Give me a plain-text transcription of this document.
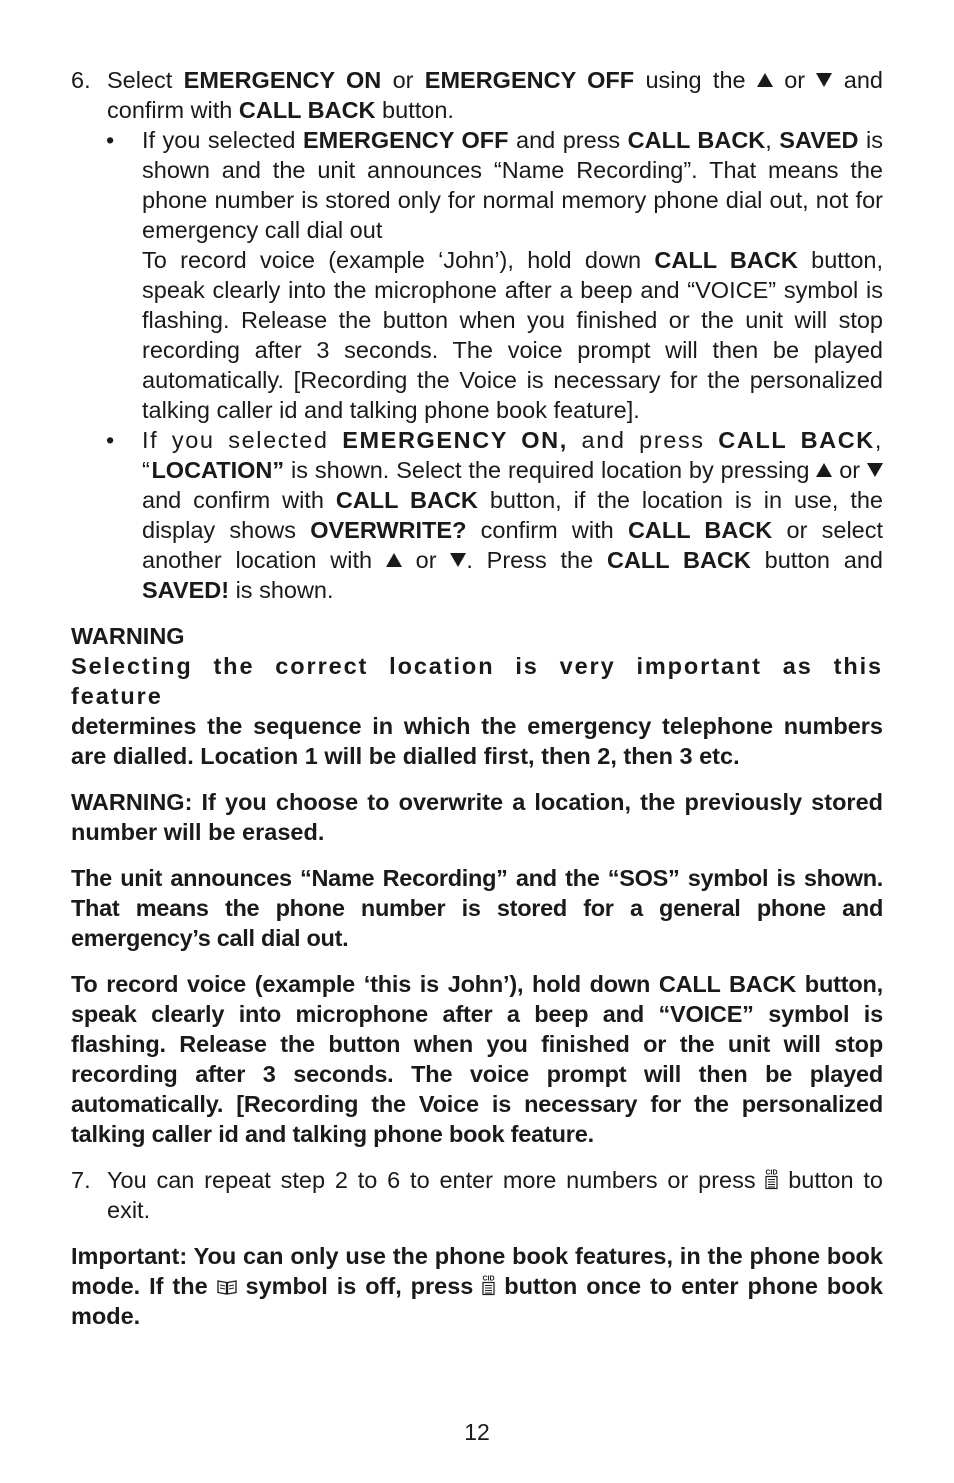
6. Select EMERGENCY ON or EMERGENCY OFF using the  or  and confirm with CALL BACK button.

• If you selected EMERGENCY OFF and press CALL BACK, SAVED is shown and the unit announces “Name Recording”. That means the phone number is stored only for normal memory phone dial out, not for emergency call dial out

To record voice (example ‘John’), hold down CALL BACK button, speak clearly into the microphone after a beep and “VOICE” symbol is flashing. Release the button when you finished or the unit will stop recording after 3 seconds. The voice prompt will then be played automatically. [Recording the Voice is necessary for the personalized talking caller id and talking phone book feature].

• If you selected EMERGENCY ON, and press CALL BACK, “LOCATION” is shown. Select the required location by pressing  or  and confirm with CALL BACK button, if the location is in use, the display shows OVERWRITE? confirm with CALL BACK or select another location with  or . Press the CALL BACK button and SAVED! is shown.

WARNING

Selecting the correct location is very important as this feature

determines the sequence in which the emergency telephone numbers are dialled. Location 1 will be dialled first, then 2, then 3 etc.

WARNING: If you choose to overwrite a location, the previously stored number will be erased.

The unit announces “Name Recording” and the “SOS” symbol is shown. That means the phone number is stored for a general phone and emergency’s call dial out.

To record voice (example ‘this is John’), hold down CALL BACK button, speak clearly into microphone after a beep and “VOICE” symbol is flashing. Release the button when you finished or the unit will stop recording after 3 seconds. The voice prompt will then be played automatically. [Recording the Voice is necessary for the personalized talking caller id and talking phone book feature.

7. You can repeat step 2 to 6 to enter more numbers or press CID button to exit.

Important: You can only use the phone book features, in the phone book mode. If the  symbol is off, press CID button once to enter phone book mode.

12
